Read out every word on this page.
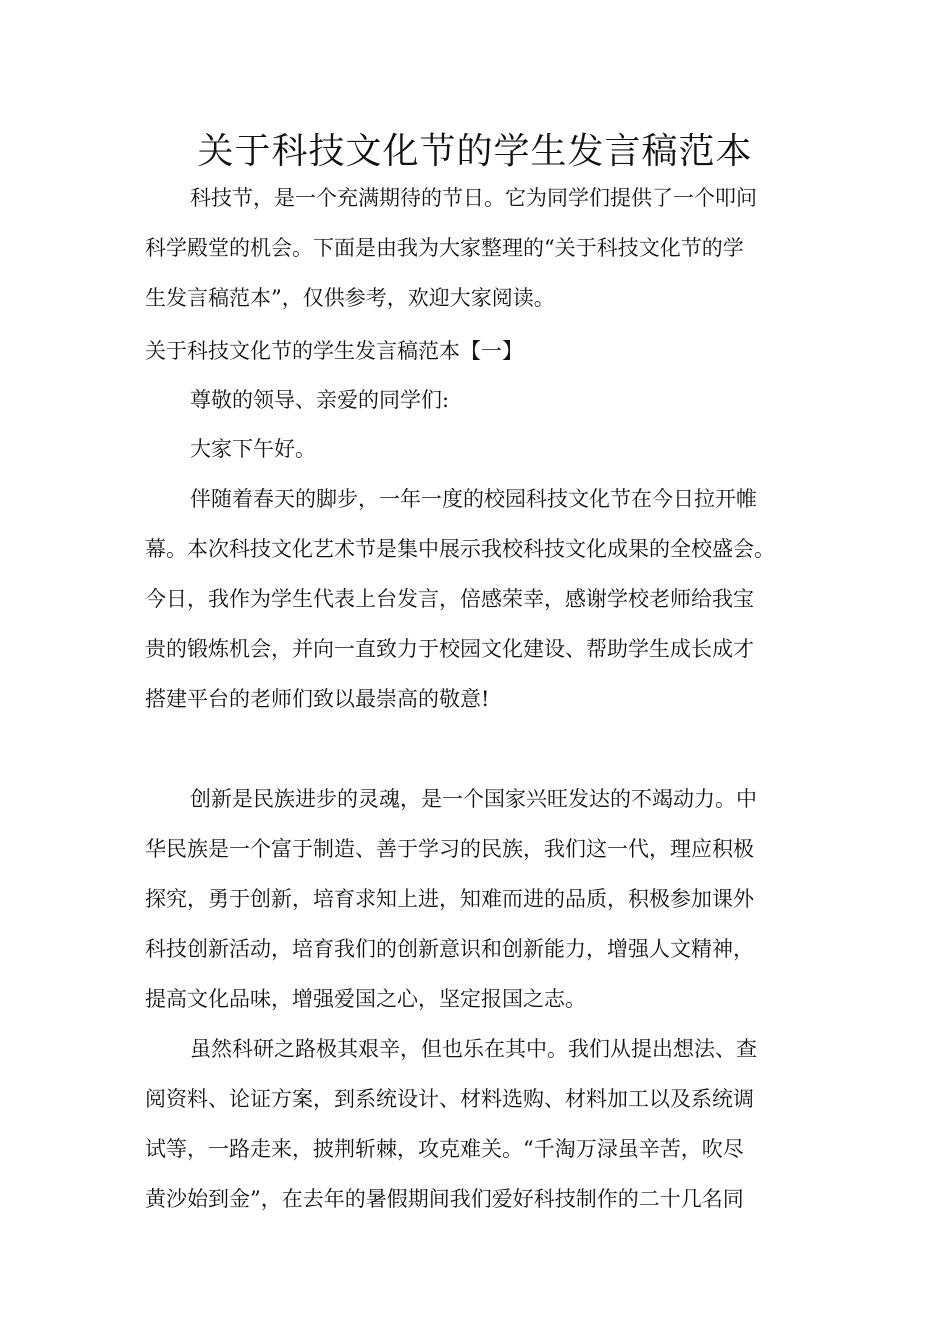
关于科技文化节的学生发言稿范本

科技节，是一个充满期待的节日。它为同学们提供了一个叩问

科学殿堂的机会。下面是由我为大家整理的“关于科技文化节的学

生发言稿范本”，仅供参考，欢迎大家阅读。

关于科技文化节的学生发言稿范本【一】

尊敬的领导、亲爱的同学们:

大家下午好。

伴随着春天的脚步，一年一度的校园科技文化节在今日拉开帷

幕。本次科技文化艺术节是集中展示我校科技文化成果的全校盛会。

今日，我作为学生代表上台发言，倍感荣幸，感谢学校老师给我宝

贵的锻炼机会，并向一直致力于校园文化建设、帮助学生成长成才

搭建平台的老师们致以最崇高的敬意!

创新是民族进步的灵魂，是一个国家兴旺发达的不竭动力。中

华民族是一个富于制造、善于学习的民族，我们这一代，理应积极

探究，勇于创新，培育求知上进，知难而进的品质，积极参加课外

科技创新活动，培育我们的创新意识和创新能力，增强人文精神，

提高文化品味，增强爱国之心，坚定报国之志。

虽然科研之路极其艰辛，但也乐在其中。我们从提出想法、查

阅资料、论证方案，到系统设计、材料选购、材料加工以及系统调

试等，一路走来，披荆斩棘，攻克难关。“千淘万渌虽辛苦，吹尽

黄沙始到金”，在去年的暑假期间我们爱好科技制作的二十几名同
